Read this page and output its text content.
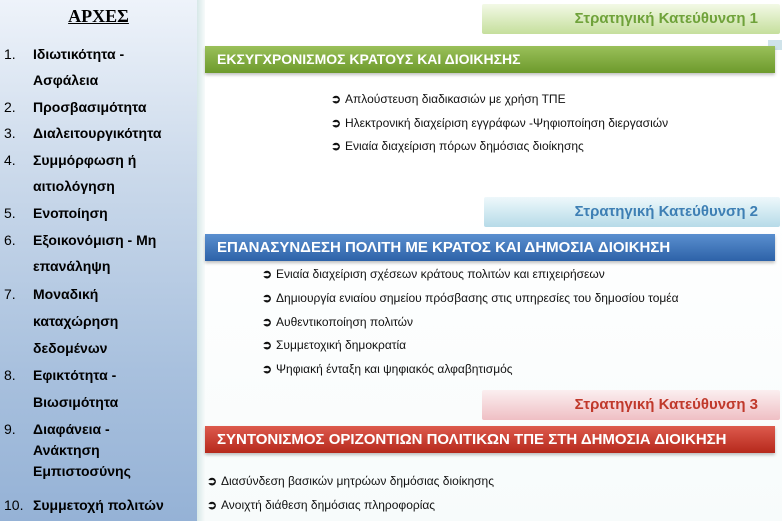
ΑΡΧΕΣ
1. Ιδιωτικότητα -
Ασφάλεια
2. Προσβασιμότητα
3. Διαλειτουργικότητα
4. Συμμόρφωση ή
αιτιολόγηση
5. Ενοποίηση
6. Εξοικονόμιση - Μη
επανάληψη
7. Μοναδική
καταχώρηση
δεδομένων
8. Εφικτότητα -
Βιωσιμότητα
9. Διαφάνεια -
Ανάκτηση
Εμπιστοσύνης
10. Συμμετοχή πολιτών
Στρατηγική Κατεύθυνση 1
ΕΚΣΥΓΧΡΟΝΙΣΜΟΣ ΚΡΑΤΟΥΣ ΚΑΙ ΔΙΟΙΚΗΣΗΣ
➲ Απλούστευση διαδικασιών με χρήση ΤΠΕ
➲ Ηλεκτρονική διαχείριση εγγράφων -Ψηφιοποίηση διεργασιών
➲ Ενιαία διαχείριση πόρων δημόσιας διοίκησης
Στρατηγική Κατεύθυνση 2
ΕΠΑΝΑΣΥΝΔΕΣΗ ΠΟΛΙΤΗ ΜΕ ΚΡΑΤΟΣ ΚΑΙ ΔΗΜΟΣΙΑ ΔΙΟΙΚΗΣΗ
➲ Ενιαία διαχείριση σχέσεων κράτους πολιτών και επιχειρήσεων
➲ Δημιουργία ενιαίου σημείου πρόσβασης στις υπηρεσίες του δημοσίου τομέα
➲ Αυθεντικοποίηση πολιτών
➲ Συμμετοχική δημοκρατία
➲ Ψηφιακή ένταξη και ψηφιακός αλφαβητισμός
Στρατηγική Κατεύθυνση 3
ΣΥΝΤΟΝΙΣΜΟΣ ΟΡΙΖΟΝΤΙΩΝ ΠΟΛΙΤΙΚΩΝ ΤΠΕ ΣΤΗ ΔΗΜΟΣΙΑ ΔΙΟΙΚΗΣΗ
➲ Διασύνδεση βασικών μητρώων δημόσιας διοίκησης
➲ Ανοιχτή διάθεση δημόσιας πληροφορίας
